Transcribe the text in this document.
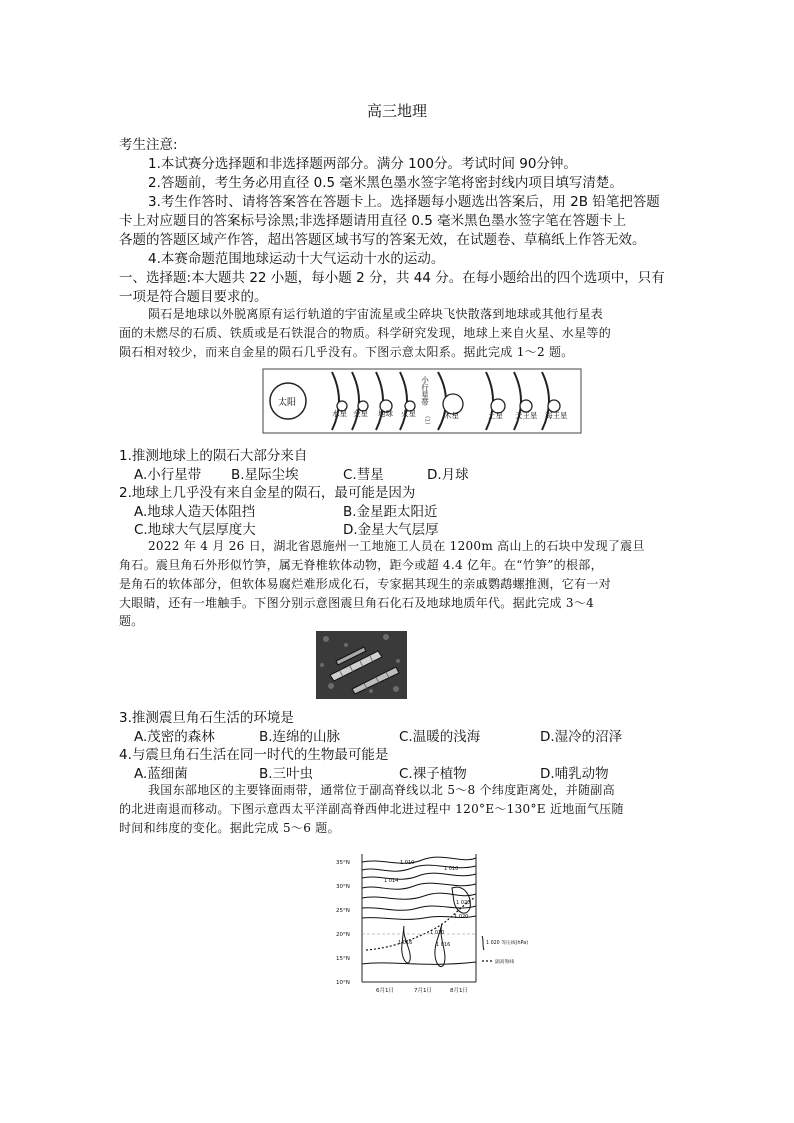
高三地理
考生注意:
1.本试赛分选择题和非选择题两部分。满分 100分。考试时间 90分钟。
2.答题前，考生务必用直径 0.5 毫米黑色墨水签字笔将密封线内项目填写清楚。
3.考生作答时、请将答案答在答题卡上。选择题每小题选出答案后，用 2B 铅笔把答题
卡上对应题目的答案标号涂黑;非选择题请用直径 0.5 毫米黑色墨水签字笔在答题卡上
各题的答题区域产作答，超出答题区域书写的答案无效，在试题卷、草稿纸上作答无效。
4.本赛命题范围地球运动十大气运动十水的运动。
一、选择题:本大题共 22 小题，每小题 2 分，共 44 分。在每小题给出的四个选项中，只有
一项是符合题目要求的。
陨石是地球以外脱离原有运行轨道的宇宙流星或尘碎块飞快散落到地球或其他行星表
面的未燃尽的石质、铁质或是石铁混合的物质。科学研究发现，地球上来自火星、水星等的
陨石相对较少，而来自金星的陨石几乎没有。下图示意太阳系。据此完成 1～2 题。
太阳
水星 金星 地球 火星	木星	土星 天王星 海王星
小行星带
(1)
1.推测地球上的陨石大部分来自
A.小行星带 B.星际尘埃	C.彗星	D.月球
2.地球上几乎没有来自金星的陨石，最可能是因为
A.地球人造天体阻挡	B.金星距太阳近
C.地球大气层厚度大	D.金星大气层厚
2022 年 4 月 26 日，湖北省恩施州一工地施工人员在 1200m 高山上的石块中发现了震旦
角石。震旦角石外形似竹笋，属无脊椎软体动物，距今或超 4.4 亿年。在“竹笋”的根部，
是角石的软体部分，但软体易腐烂难形成化石，专家据其现生的亲戚鹦鹉螺推测，它有一对
大眼睛，还有一堆触手。下图分别示意图震旦角石化石及地球地质年代。据此完成 3～4
题。
3.推测震旦角石生活的环境是
A.茂密的森林	B.连绵的山脉	C.温暖的浅海	D.湿冷的沼泽
4.与震旦角石生活在同一时代的生物最可能是
A.蓝细菌	B.三叶虫	C.裸子植物	D.哺乳动物
我国东部地区的主要锋面雨带，通常位于副高脊线以北 5～8 个纬度距离处，并随副高
的北进南退而移动。下图示意西太平洋副高脊西伸北进过程中 120°E～130°E 近地面气压随
时间和纬度的变化。据此完成 5～6 题。
35°N
30°N
25°N
20°N
15°N
10°N
6月1日	7月1日	8月1日
1 010
1 014
1 010
1 020
1 020
1 016	1 016
1 020
1 020 等压线(hPa)
副高脊线
